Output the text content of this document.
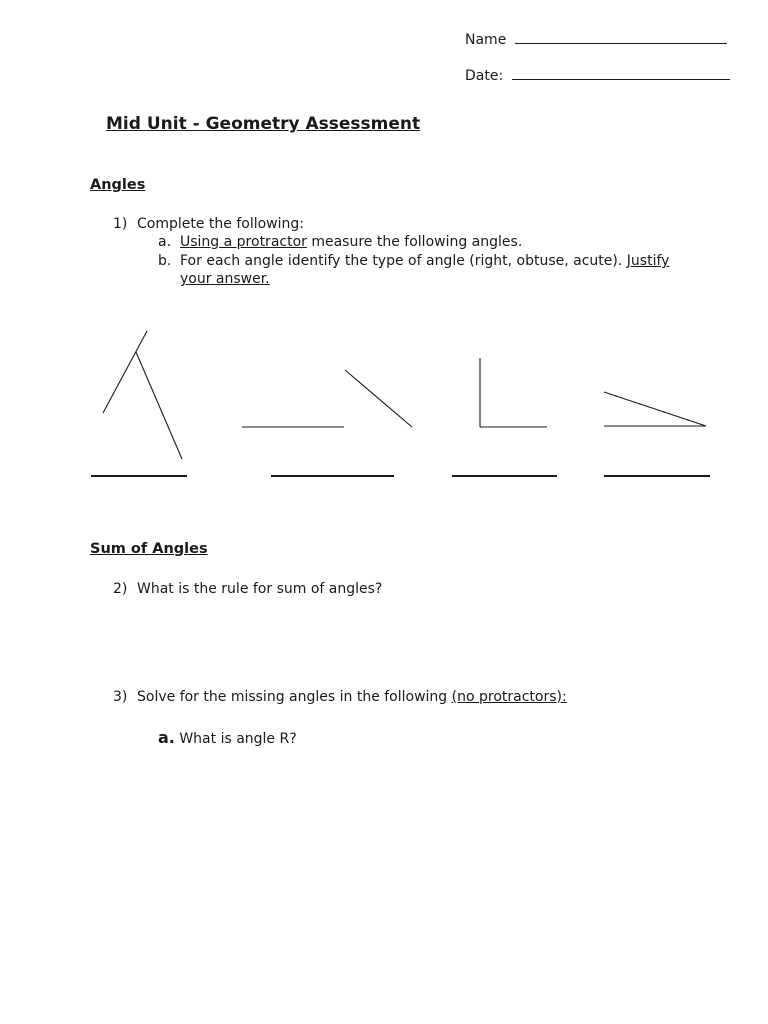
Name
Date:
Mid Unit - Geometry Assessment
Angles
1) Complete the following:
a. Using a protractor measure the following angles.
b. For each angle identify the type of angle (right, obtuse, acute). Justify
your answer.
Sum of Angles
2) What is the rule for sum of angles?
3) Solve for the missing angles in the following (no protractors):
a. What is angle R?
